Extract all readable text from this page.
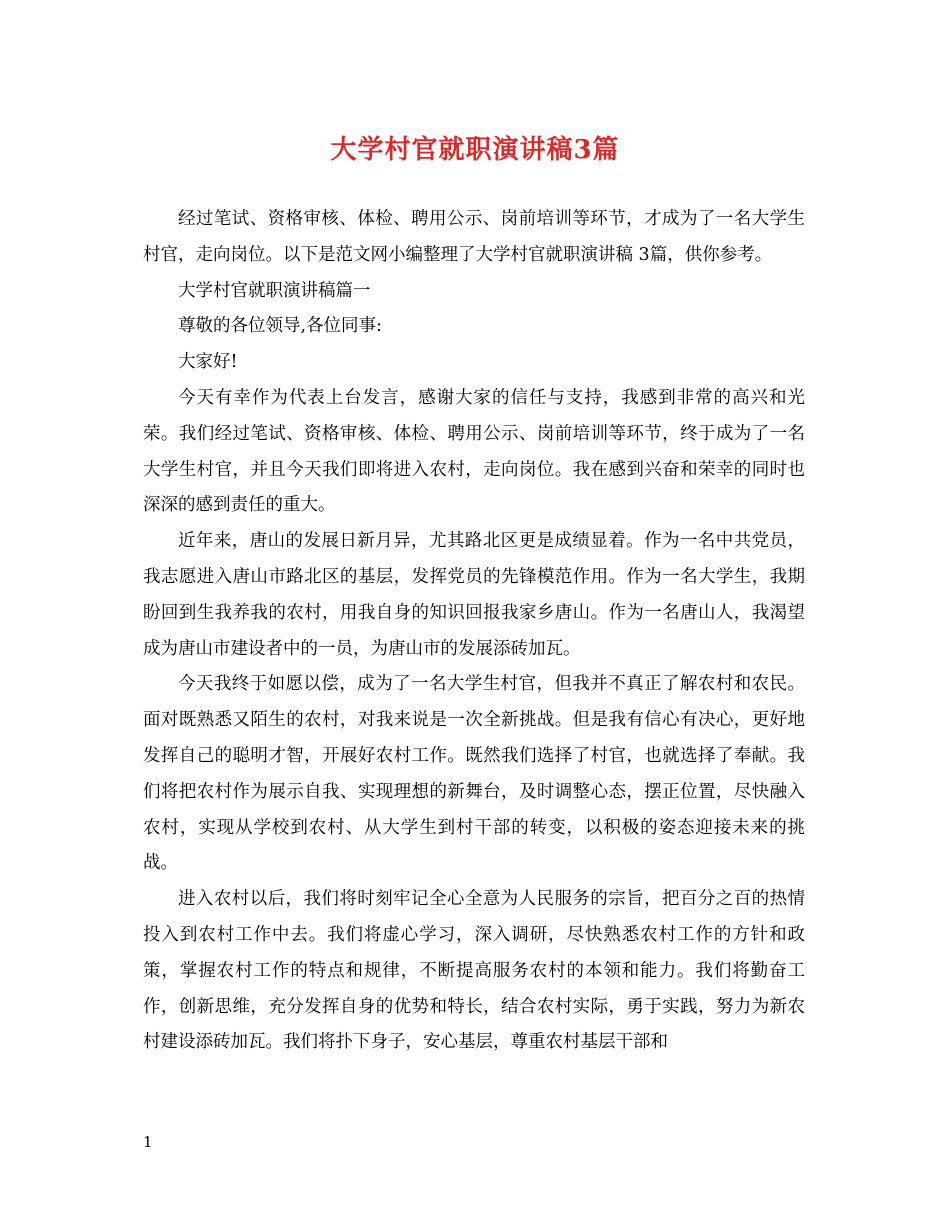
大学村官就职演讲稿3篇

经过笔试、资格审核、体检、聘用公示、岗前培训等环节，才成为了一名大学生村官，走向岗位。以下是范文网小编整理了大学村官就职演讲稿 3篇，供你参考。

大学村官就职演讲稿篇一

尊敬的各位领导,各位同事:

大家好!

今天有幸作为代表上台发言，感谢大家的信任与支持，我感到非常的高兴和光荣。我们经过笔试、资格审核、体检、聘用公示、岗前培训等环节，终于成为了一名大学生村官，并且今天我们即将进入农村，走向岗位。我在感到兴奋和荣幸的同时也深深的感到责任的重大。

近年来，唐山的发展日新月异，尤其路北区更是成绩显着。作为一名中共党员，我志愿进入唐山市路北区的基层，发挥党员的先锋模范作用。作为一名大学生，我期盼回到生我养我的农村，用我自身的知识回报我家乡唐山。作为一名唐山人，我渴望成为唐山市建设者中的一员，为唐山市的发展添砖加瓦。

今天我终于如愿以偿，成为了一名大学生村官，但我并不真正了解农村和农民。面对既熟悉又陌生的农村，对我来说是一次全新挑战。但是我有信心有决心，更好地发挥自己的聪明才智，开展好农村工作。既然我们选择了村官，也就选择了奉献。我们将把农村作为展示自我、实现理想的新舞台，及时调整心态，摆正位置，尽快融入农村，实现从学校到农村、从大学生到村干部的转变，以积极的姿态迎接未来的挑战。

进入农村以后，我们将时刻牢记全心全意为人民服务的宗旨，把百分之百的热情投入到农村工作中去。我们将虚心学习，深入调研，尽快熟悉农村工作的方针和政策，掌握农村工作的特点和规律，不断提高服务农村的本领和能力。我们将勤奋工作，创新思维，充分发挥自身的优势和特长，结合农村实际，勇于实践，努力为新农村建设添砖加瓦。我们将扑下身子，安心基层，尊重农村基层干部和

1
